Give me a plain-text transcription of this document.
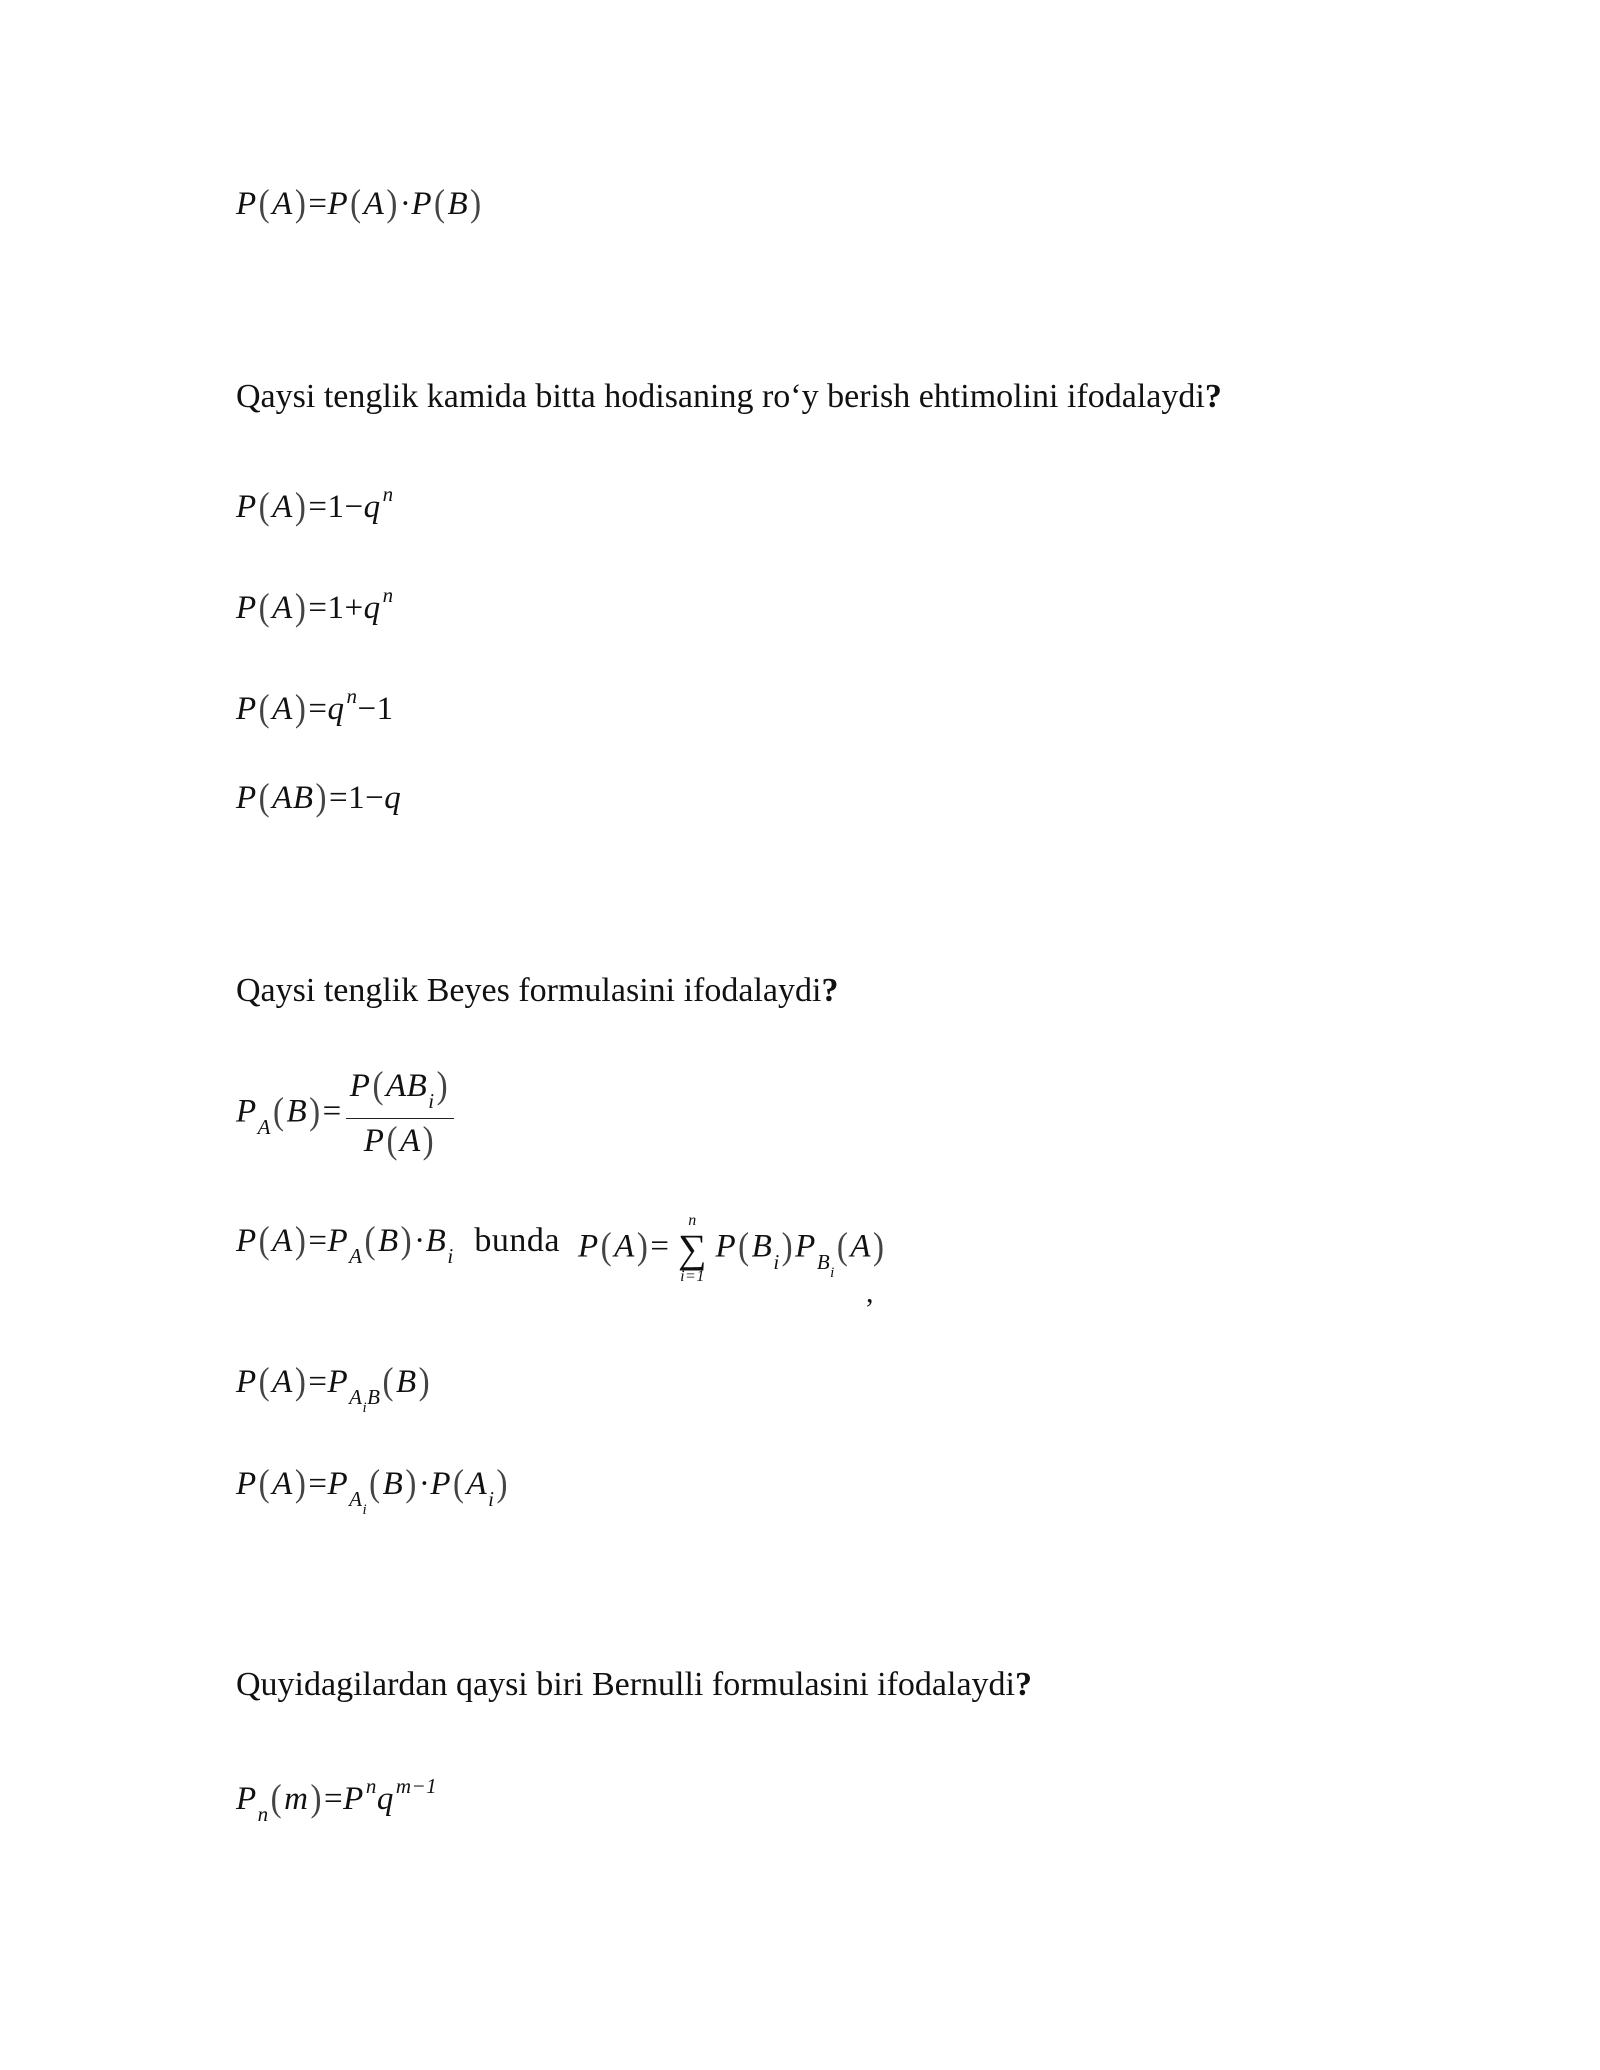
P(A)=P(A)·P(B)
Qaysi tenglik kamida bitta hodisaning ro‘y berish ehtimolini ifodalaydi?
$P(A)=1-q^n$
$P(A)=1+q^n$
$P(A)=q^n-1$
P(AB)=1−q
Qaysi tenglik Beyes formulasini ifodalaydi?
$P_A(B)= \frac{P(AB_i)}{P(A)}$
$P(A)=P_A(B)\cdot B_i$ bunda P(A)=
n
∑
i=1
$P(B_i)P_{B_i}(A)$
,
$P(A)=P_{A_iB}(B)$
$P(A)=P_{A_i}(B)\cdot P(A_i)$
Quyidagilardan qaysi biri Bernulli formulasini ifodalaydi?
$P_n(m)=P^nq^{m-1}$
